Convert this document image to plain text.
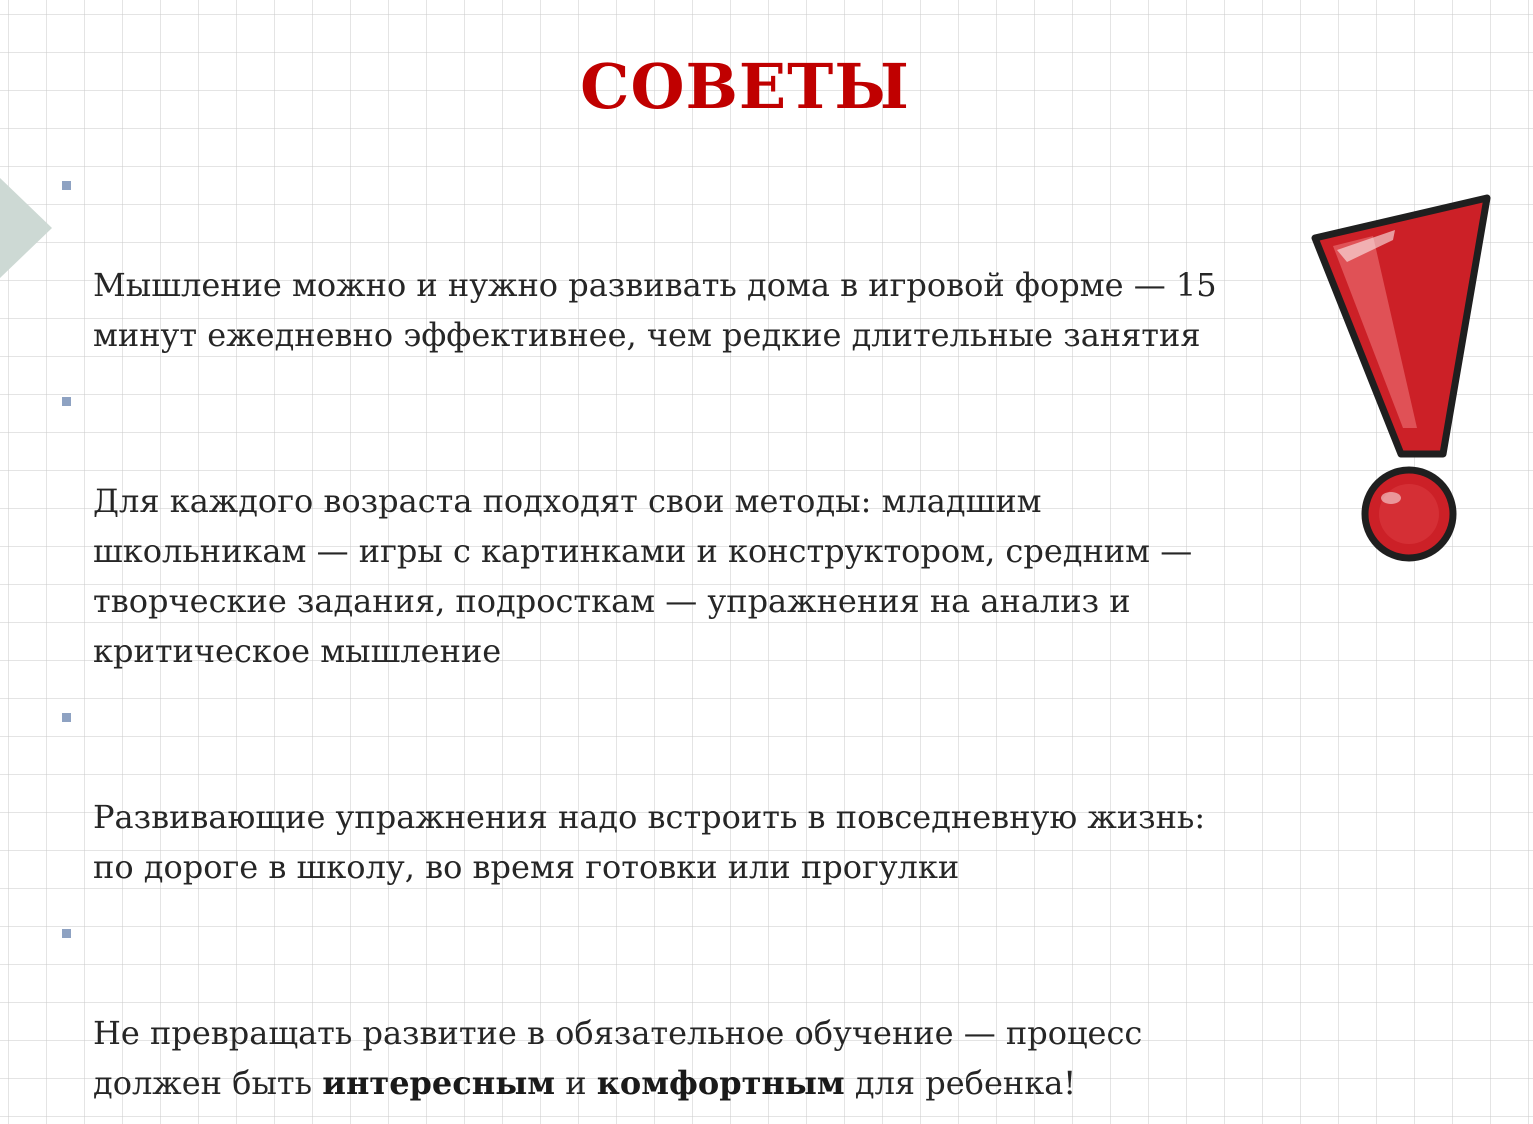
СОВЕТЫ

Мышление можно и нужно развивать дома в игровой форме — 15
минут ежедневно эффективнее, чем редкие длительные занятия

Для каждого возраста подходят свои методы: младшим
школьникам — игры с картинками и конструктором, средним —
творческие задания, подросткам — упражнения на анализ и
критическое мышление

Развивающие упражнения надо встроить в повседневную жизнь:
по дороге в школу, во время готовки или прогулки

Не превращать развитие в обязательное обучение — процесс
должен быть интересным и комфортным для ребенка!
